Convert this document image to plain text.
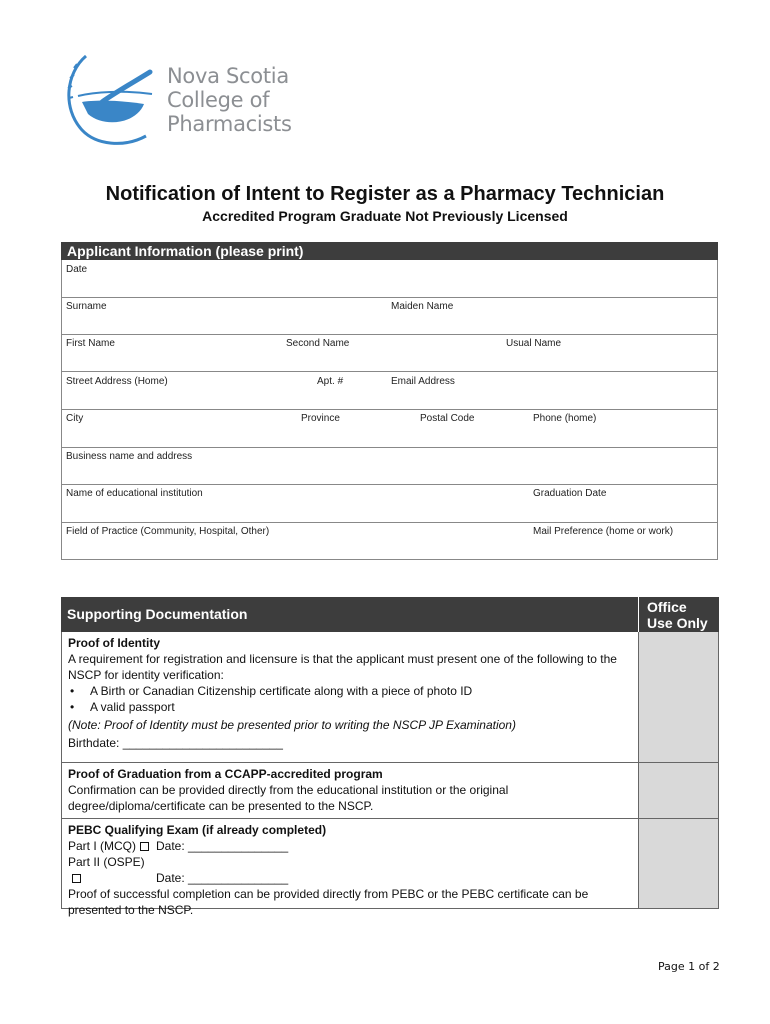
Nova Scotia
College of
Pharmacists
Notification of Intent to Register as a Pharmacy Technician
Accredited Program Graduate Not Previously Licensed
Applicant Information (please print)
Date
Surname	Maiden Name
First Name	Second Name	Usual Name
Street Address (Home)	Apt. #	Email Address
City	Province	Postal Code	Phone (home)
Business name and address
Name of educational institution	Graduation Date
Field of Practice (Community, Hospital, Other)	Mail Preference (home or work)
Supporting Documentation	Office
Use Only

Proof of Identity

A requirement for registration and licensure is that the applicant must present one of the following to the NSCP for identity verification:

• A Birth or Canadian Citizenship certificate along with a piece of photo ID

• A valid passport

(Note: Proof of Identity must be presented prior to writing the NSCP JP Examination)

Birthdate: ________________________

Proof of Graduation from a CCAPP-accredited program

Confirmation can be provided directly from the educational institution or the original degree/diploma/certificate can be presented to the NSCP.

PEBC Qualifying Exam (if already completed)

Part I (MCQ) Date: _______________

Part II (OSPE)Date: _______________

Proof of successful completion can be provided directly from PEBC or the PEBC certificate can be presented to the NSCP.

Page 1 of 2
